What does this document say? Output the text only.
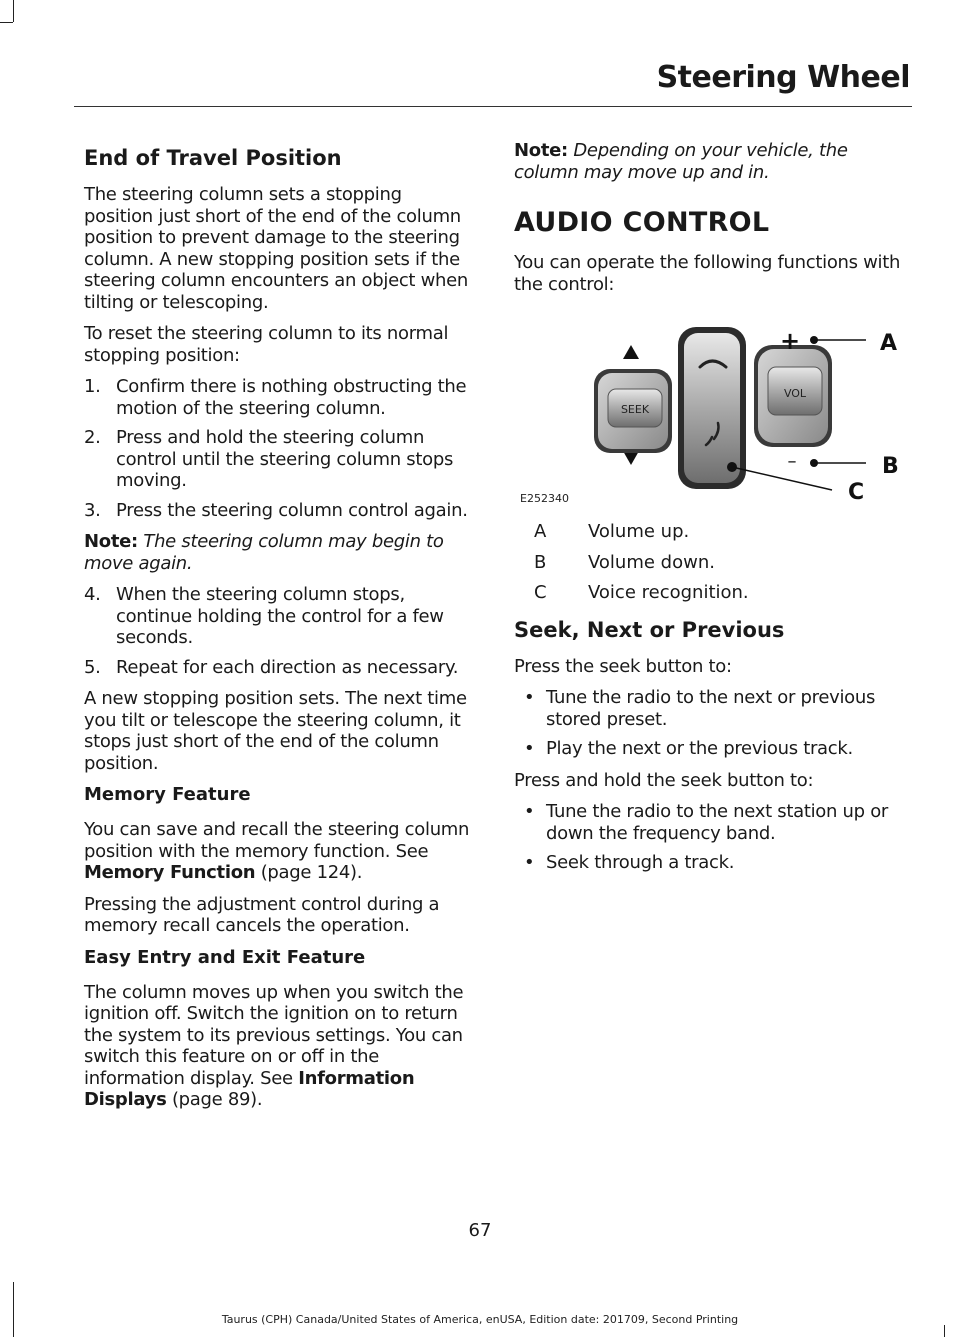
Steering Wheel
End of Travel Position

The steering column sets a stopping position just short of the end of the column position to prevent damage to the steering column. A new stopping position sets if the steering column encounters an object when tilting or telescoping.

To reset the steering column to its normal stopping position:

1. Confirm there is nothing obstructing the motion of the steering column.
2. Press and hold the steering column control until the steering column stops moving.
3. Press the steering column control again.

Note: The steering column may begin to move again.

4. When the steering column stops, continue holding the control for a few seconds.
5. Repeat for each direction as necessary.

A new stopping position sets. The next time you tilt or telescope the steering column, it stops just short of the end of the column position.

Memory Feature

You can save and recall the steering column position with the memory function. See Memory Function (page 124).

Pressing the adjustment control during a memory recall cancels the operation.

Easy Entry and Exit Feature

The column moves up when you switch the ignition off. Switch the ignition on to return the system to its previous settings. You can switch this feature on or off in the information display. See Information Displays (page 89).

Note: Depending on your vehicle, the column may move up and in.

AUDIO CONTROL

You can operate the following functions with the control:

SEEK
VOL
+
–
A
B
C
E252340
A	Volume up.
B	Volume down.
C	Voice recognition.
Seek, Next or Previous

Press the seek button to:

• Tune the radio to the next or previous stored preset.
• Play the next or the previous track.

Press and hold the seek button to:

• Tune the radio to the next station up or down the frequency band.
• Seek through a track.
67
Taurus (CPH) Canada/United States of America, enUSA, Edition date: 201709, Second Printing
